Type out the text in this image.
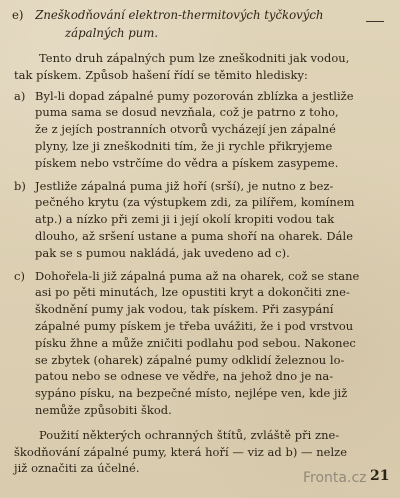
e) Zneškodňování elektron-thermitových tyčkových
zápalných pum.
Tento druh zápalných pum lze zneškodniti jak vodou,
tak pískem. Způsob hašení řídí se těmito hledisky:
a) Byl-li dopad zápalné pumy pozorován zblízka a jestliže
puma sama se dosud nevzňala, což je patrno z toho,
že z jejích postranních otvorů vycházejí jen zápalné
plyny, lze ji zneškodniti tím, že ji rychle přikryjeme
pískem nebo vstrčíme do vědra a pískem zasypeme.
b) Jestliže zápalná puma již hoří (srší), je nutno z bez-
pečného krytu (za výstupkem zdi, za pilířem, komínem
atp.) a nízko při zemi ji i její okolí kropiti vodou tak
dlouho, až sršení ustane a puma shoří na oharek. Dále
pak se s pumou nakládá, jak uvedeno ad c).
c) Dohořela-li již zápalná puma až na oharek, což se stane
asi po pěti minutách, lze opustiti kryt a dokončiti zne-
škodnění pumy jak vodou, tak pískem. Při zasypání
zápalné pumy pískem je třeba uvážiti, že i pod vrstvou
písku žhne a může zničiti podlahu pod sebou. Nakonec
se zbytek (oharek) zápalné pumy odklidí železnou lo-
patou nebo se odnese ve vědře, na jehož dno je na-
sypáno písku, na bezpečné místo, nejlépe ven, kde již
nemůže způsobiti škod.
Použití některých ochranných štítů, zvláště při zne-
škodňování zápalné pumy, která hoří — viz ad b) — nelze
již označiti za účelné.
Fronta.cz 21
